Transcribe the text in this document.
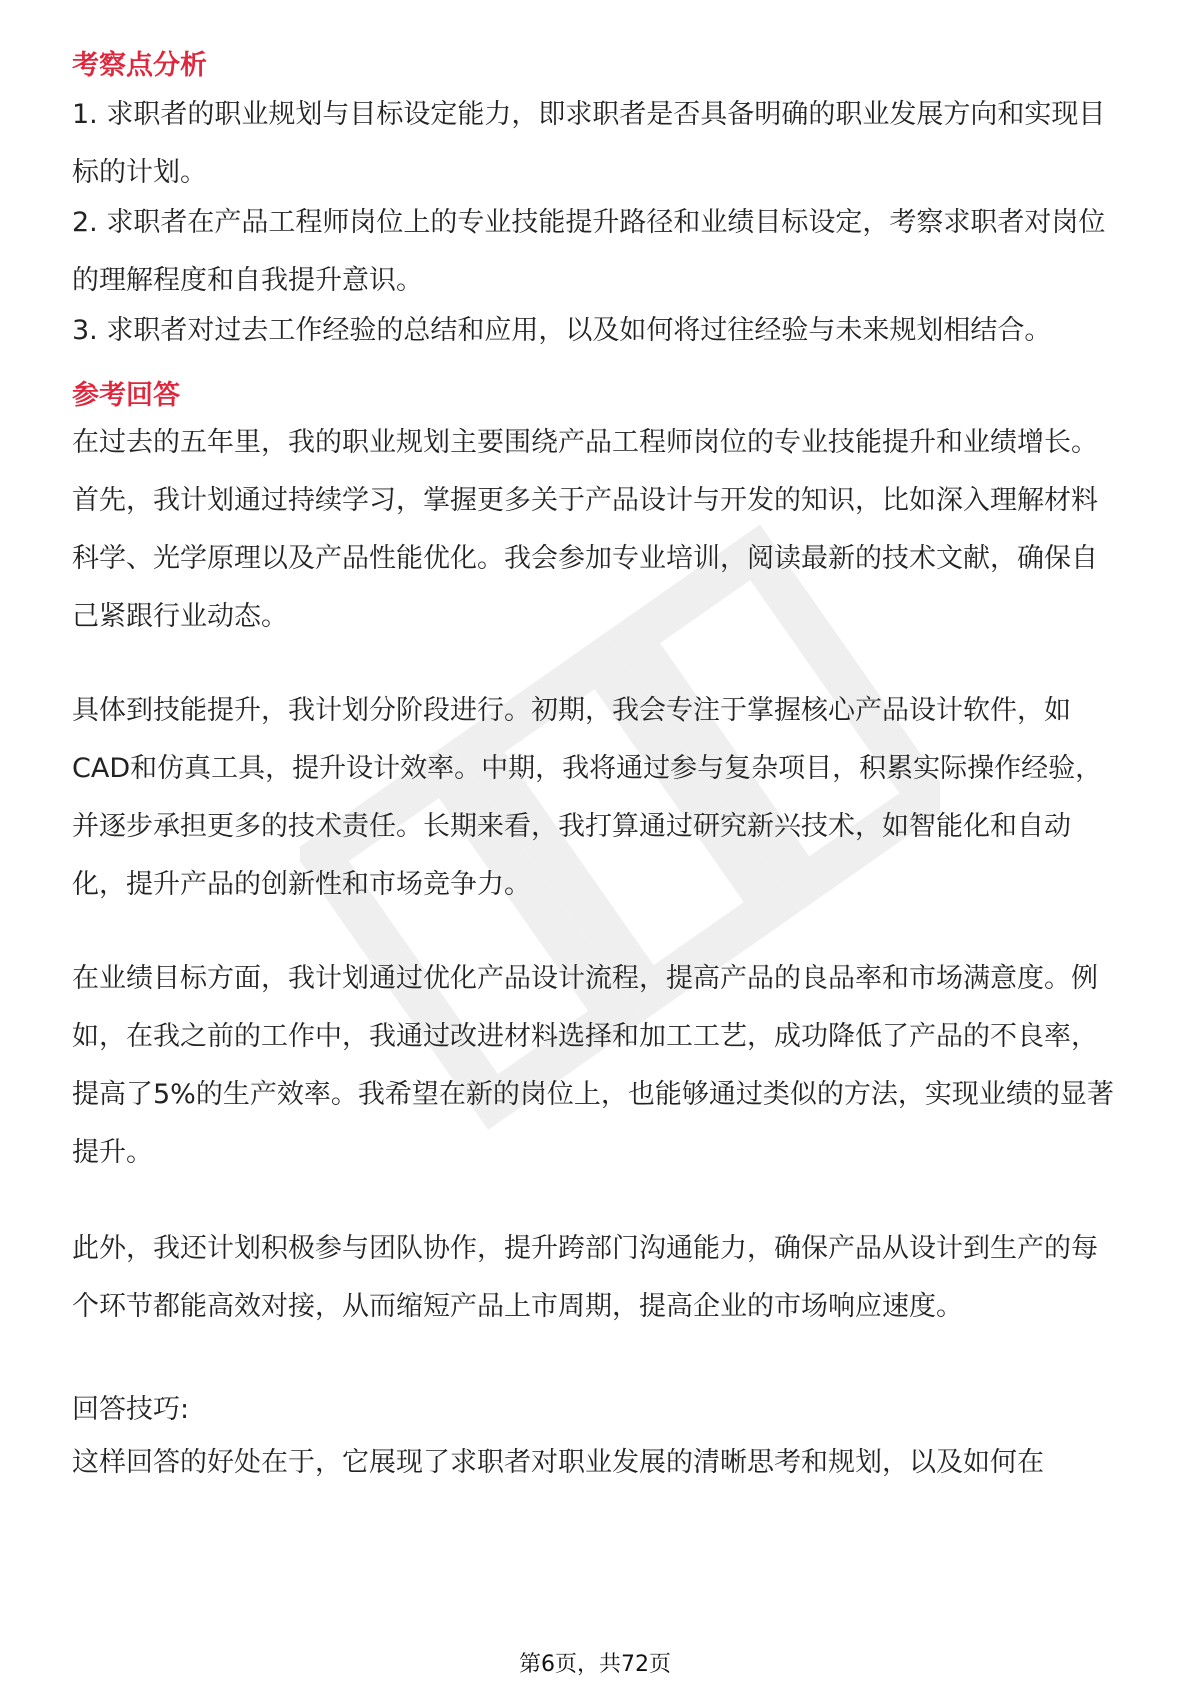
考察点分析

1. 求职者的职业规划与目标设定能力，即求职者是否具备明确的职业发展方向和实现目标的计划。

2. 求职者在产品工程师岗位上的专业技能提升路径和业绩目标设定，考察求职者对岗位的理解程度和自我提升意识。

3. 求职者对过去工作经验的总结和应用，以及如何将过往经验与未来规划相结合。

参考回答

在过去的五年里，我的职业规划主要围绕产品工程师岗位的专业技能提升和业绩增长。首先，我计划通过持续学习，掌握更多关于产品设计与开发的知识，比如深入理解材料科学、光学原理以及产品性能优化。我会参加专业培训，阅读最新的技术文献，确保自己紧跟行业动态。

具体到技能提升，我计划分阶段进行。初期，我会专注于掌握核心产品设计软件，如CAD和仿真工具，提升设计效率。中期，我将通过参与复杂项目，积累实际操作经验，并逐步承担更多的技术责任。长期来看，我打算通过研究新兴技术，如智能化和自动化，提升产品的创新性和市场竞争力。

在业绩目标方面，我计划通过优化产品设计流程，提高产品的良品率和市场满意度。例如，在我之前的工作中，我通过改进材料选择和加工工艺，成功降低了产品的不良率，提高了5%的生产效率。我希望在新的岗位上，也能够通过类似的方法，实现业绩的显著提升。

此外，我还计划积极参与团队协作，提升跨部门沟通能力，确保产品从设计到生产的每个环节都能高效对接，从而缩短产品上市周期，提高企业的市场响应速度。

回答技巧:

这样回答的好处在于，它展现了求职者对职业发展的清晰思考和规划，以及如何在

第6页，共72页
